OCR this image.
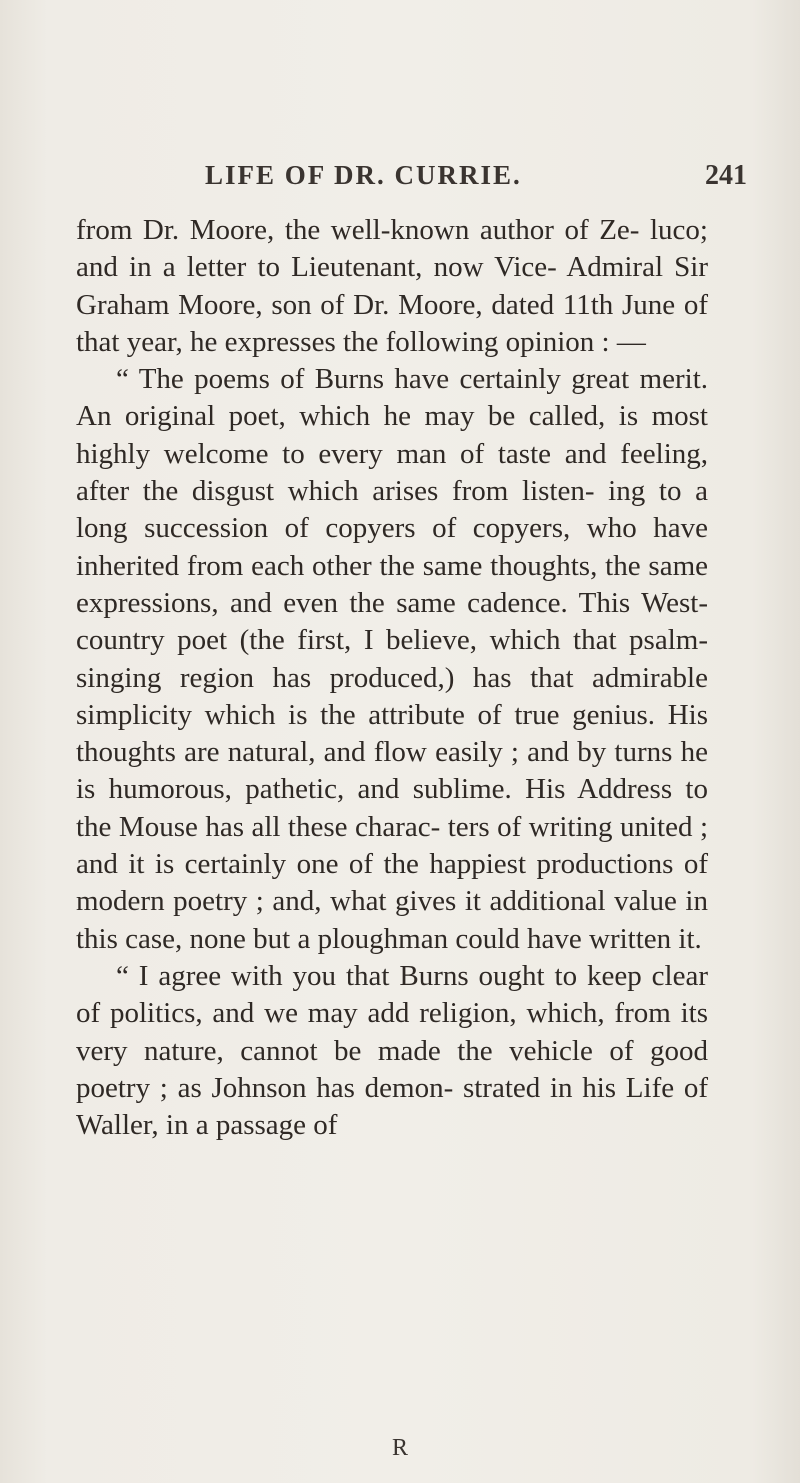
LIFE OF DR. CURRIE.	241

from Dr. Moore, the well-known author of Ze- luco; and in a letter to Lieutenant, now Vice- Admiral Sir Graham Moore, son of Dr. Moore, dated 11th June of that year, he expresses the following opinion : —

“ The poems of Burns have certainly great merit. An original poet, which he may be called, is most highly welcome to every man of taste and feeling, after the disgust which arises from listen- ing to a long succession of copyers of copyers, who have inherited from each other the same thoughts, the same expressions, and even the same cadence. This West-country poet (the first, I believe, which that psalm-singing region has produced,) has that admirable simplicity which is the attribute of true genius. His thoughts are natural, and flow easily ; and by turns he is humorous, pathetic, and sublime. His Address to the Mouse has all these charac- ters of writing united ; and it is certainly one of the happiest productions of modern poetry ; and, what gives it additional value in this case, none but a ploughman could have written it.

“ I agree with you that Burns ought to keep clear of politics, and we may add religion, which, from its very nature, cannot be made the vehicle of good poetry ; as Johnson has demon- strated in his Life of Waller, in a passage of

R
